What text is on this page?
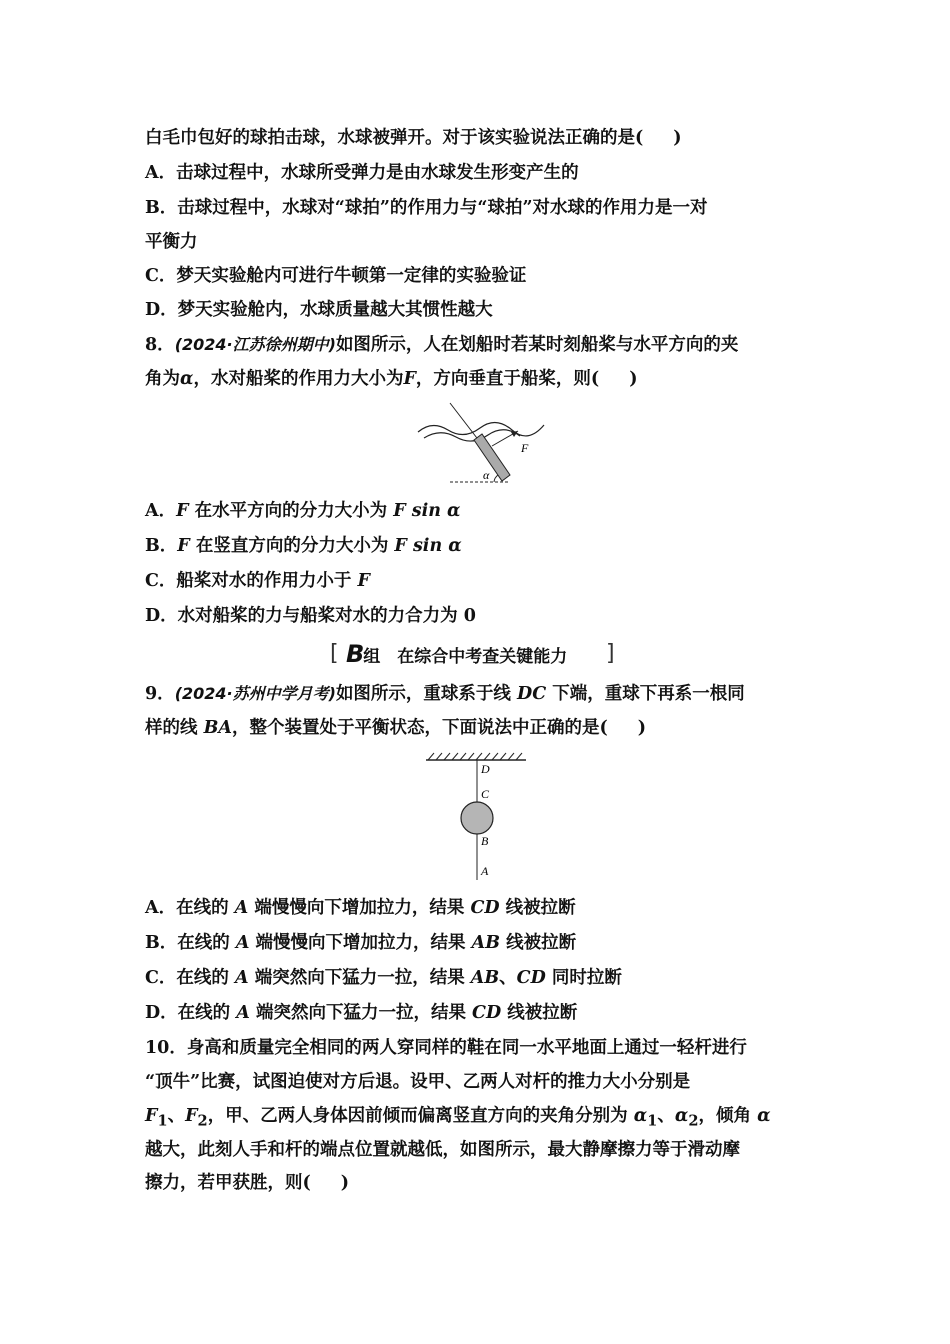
白毛巾包好的球拍击球，水球被弹开。对于该实验说法正确的是( )
A．击球过程中，水球所受弹力是由水球发生形变产生的
B．击球过程中，水球对“球拍”的作用力与“球拍”对水球的作用力是一对
平衡力
C．梦天实验舱内可进行牛顿第一定律的实验验证
D．梦天实验舱内，水球质量越大其惯性越大
8．(2024·江苏徐州期中)如图所示，人在划船时若某时刻船桨与水平方向的夹
角为α，水对船桨的作用力大小为F，方向垂直于船桨，则( )
F
α
A．F 在水平方向的分力大小为 F sin α
B．F 在竖直方向的分力大小为 F sin α
C．船桨对水的作用力小于 F
D．水对船桨的力与船桨对水的力合力为 0
[ B组　在综合中考查关键能力 ]
9．(2024·苏州中学月考)如图所示，重球系于线 DC 下端，重球下再系一根同
样的线 BA，整个装置处于平衡状态，下面说法中正确的是( )
D
C
B
A
A．在线的 A 端慢慢向下增加拉力，结果 CD 线被拉断
B．在线的 A 端慢慢向下增加拉力，结果 AB 线被拉断
C．在线的 A 端突然向下猛力一拉，结果 AB、CD 同时拉断
D．在线的 A 端突然向下猛力一拉，结果 CD 线被拉断
10．身高和质量完全相同的两人穿同样的鞋在同一水平地面上通过一轻杆进行
“顶牛”比赛，试图迫使对方后退。设甲、乙两人对杆的推力大小分别是
$F_1$、$F_2$，甲、乙两人身体因前倾而偏离竖直方向的夹角分别为 $\alpha_1$、$\alpha_2$，倾角 α
越大，此刻人手和杆的端点位置就越低，如图所示，最大静摩擦力等于滑动摩
擦力，若甲获胜，则( )
